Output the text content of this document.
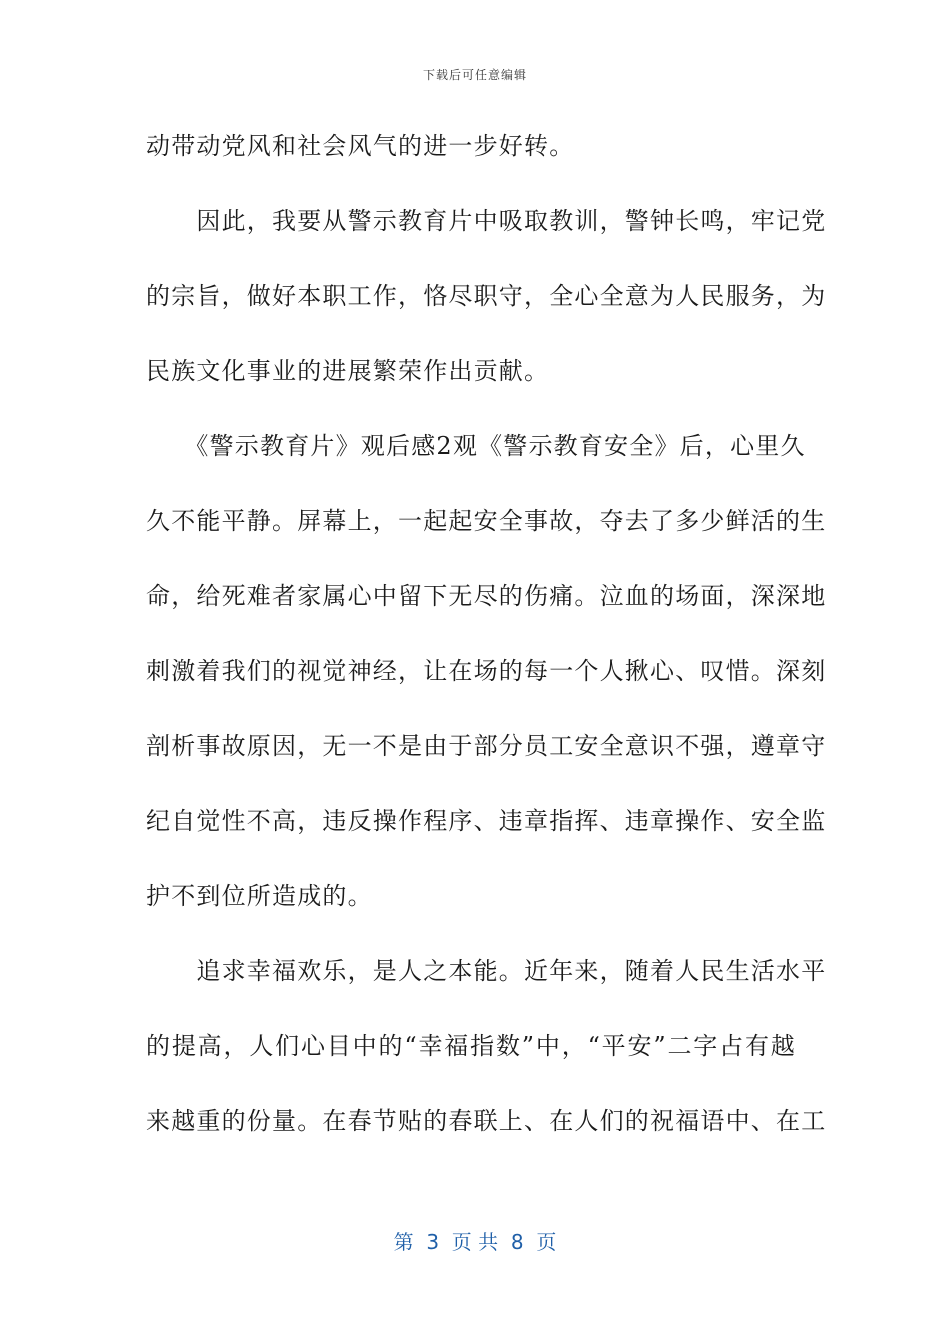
下载后可任意编辑
动带动党风和社会风气的进一步好转。
　　因此，我要从警示教育片中吸取教训，警钟长鸣，牢记党
的宗旨，做好本职工作，恪尽职守，全心全意为人民服务，为
民族文化事业的进展繁荣作出贡献。
　　《警示教育片》观后感2观《警示教育安全》后，心里久
久不能平静。屏幕上，一起起安全事故，夺去了多少鲜活的生
命，给死难者家属心中留下无尽的伤痛。泣血的场面，深深地
刺激着我们的视觉神经，让在场的每一个人揪心、叹惜。深刻
剖析事故原因，无一不是由于部分员工安全意识不强，遵章守
纪自觉性不高，违反操作程序、违章指挥、违章操作、安全监
护不到位所造成的。
　　追求幸福欢乐，是人之本能。近年来，随着人民生活水平
的提高，人们心目中的“幸福指数”中，“平安”二字占有越
来越重的份量。在春节贴的春联上、在人们的祝福语中、在工
第  3  页 共  8  页
